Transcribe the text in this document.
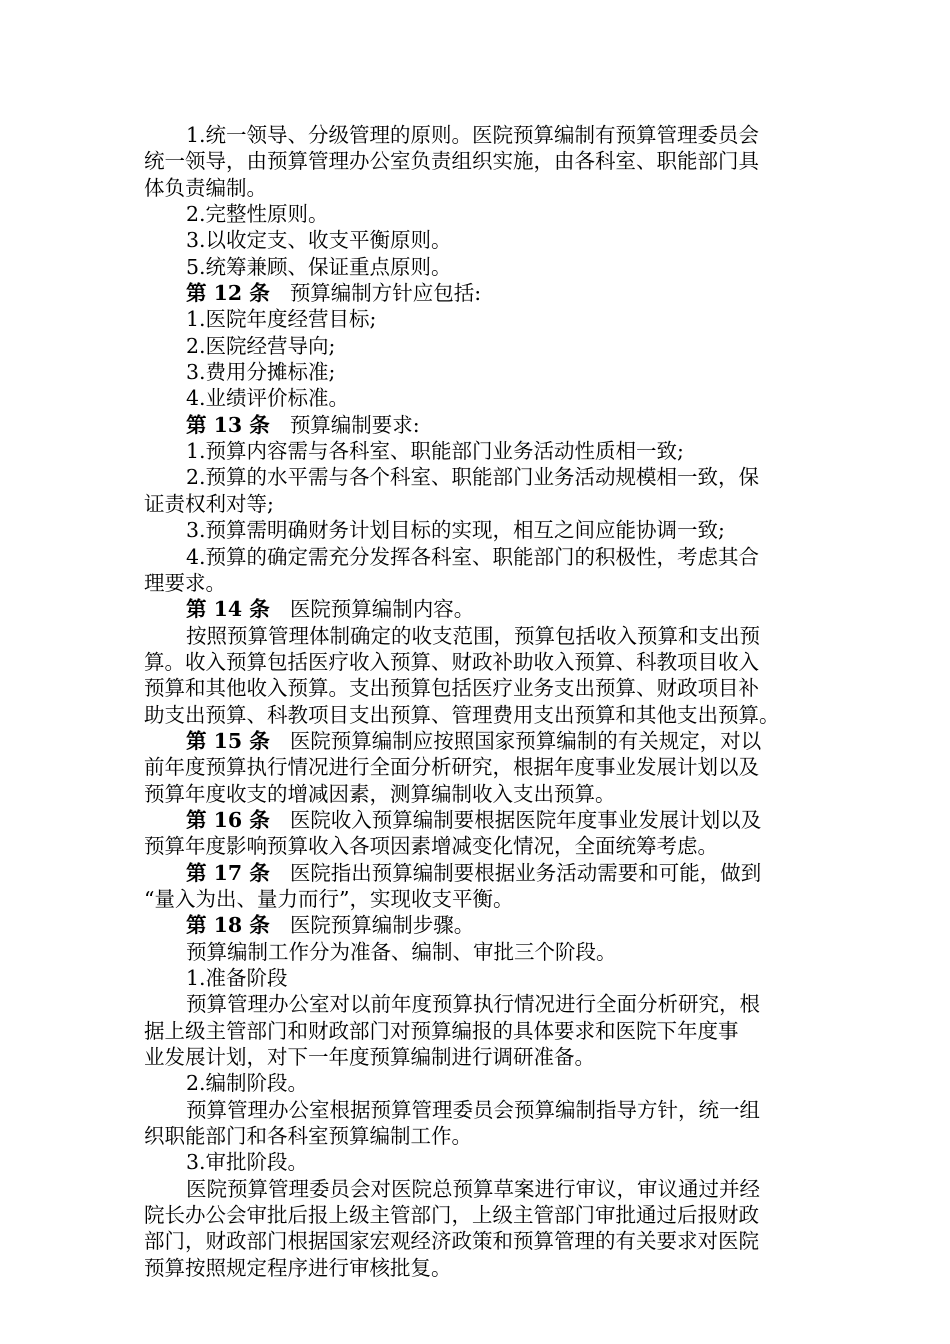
1.统一领导、分级管理的原则。医院预算编制有预算管理委员会
统一领导，由预算管理办公室负责组织实施，由各科室、职能部门具
体负责编制。
2.完整性原则。
3.以收定支、收支平衡原则。
5.统筹兼顾、保证重点原则。
第 12 条 预算编制方针应包括:
1.医院年度经营目标;
2.医院经营导向;
3.费用分摊标准;
4.业绩评价标准。
第 13 条 预算编制要求:
1.预算内容需与各科室、职能部门业务活动性质相一致;
2.预算的水平需与各个科室、职能部门业务活动规模相一致，保
证责权利对等;
3.预算需明确财务计划目标的实现，相互之间应能协调一致;
4.预算的确定需充分发挥各科室、职能部门的积极性，考虑其合
理要求。
第 14 条 医院预算编制内容。
按照预算管理体制确定的收支范围，预算包括收入预算和支出预
算。收入预算包括医疗收入预算、财政补助收入预算、科教项目收入
预算和其他收入预算。支出预算包括医疗业务支出预算、财政项目补
助支出预算、科教项目支出预算、管理费用支出预算和其他支出预算。
第 15 条 医院预算编制应按照国家预算编制的有关规定，对以
前年度预算执行情况进行全面分析研究，根据年度事业发展计划以及
预算年度收支的增减因素，测算编制收入支出预算。
第 16 条 医院收入预算编制要根据医院年度事业发展计划以及
预算年度影响预算收入各项因素增减变化情况，全面统筹考虑。
第 17 条 医院指出预算编制要根据业务活动需要和可能，做到
“量入为出、量力而行”，实现收支平衡。
第 18 条 医院预算编制步骤。
预算编制工作分为准备、编制、审批三个阶段。
1.准备阶段
预算管理办公室对以前年度预算执行情况进行全面分析研究，根
据上级主管部门和财政部门对预算编报的具体要求和医院下年度事
业发展计划，对下一年度预算编制进行调研准备。
2.编制阶段。
预算管理办公室根据预算管理委员会预算编制指导方针，统一组
织职能部门和各科室预算编制工作。
3.审批阶段。
医院预算管理委员会对医院总预算草案进行审议，审议通过并经
院长办公会审批后报上级主管部门，上级主管部门审批通过后报财政
部门，财政部门根据国家宏观经济政策和预算管理的有关要求对医院
预算按照规定程序进行审核批复。
